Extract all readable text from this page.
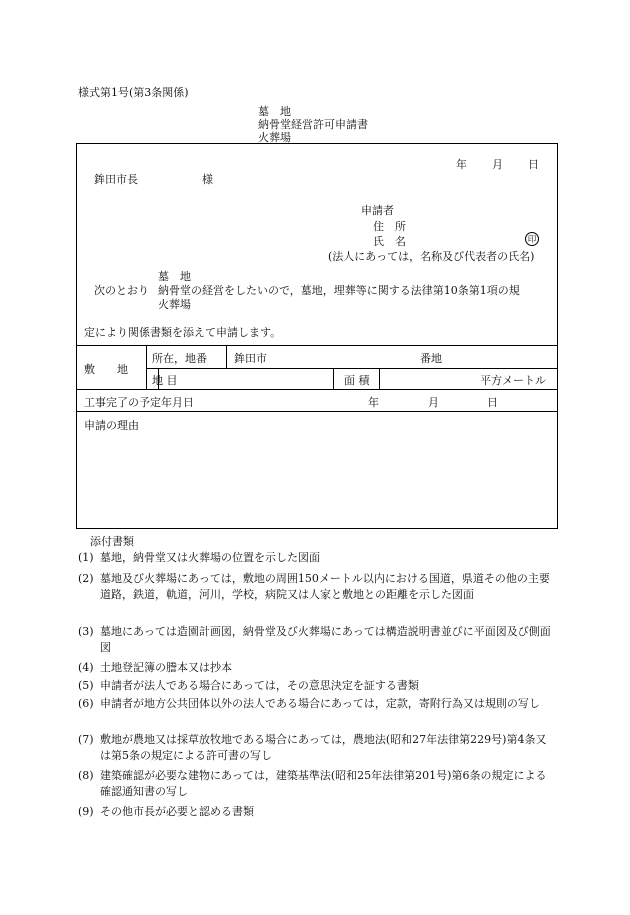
様式第1号(第3条関係)
墓　地
納骨堂経営許可申請書
火葬場
年 月 日
鉾田市長	様
申請者
住　所
氏　名	印
(法人にあっては，名称及び代表者の氏名)
墓　地
次のとおり 納骨堂の経営をしたいので，墓地，埋葬等に関する法律第10条第1項の規
火葬場
定により関係書類を添えて申請します。
敷　　地
所在，地番 鉾田市	番地
地 目	面 積	平方メートル
工事完了の予定年月日	年	月	日
申請の理由
添付書類
(1) 墓地，納骨堂又は火葬場の位置を示した図面
(2) 墓地及び火葬場にあっては，敷地の周囲150メートル以内における国道，県道その他の主要道路，鉄道，軌道，河川，学校，病院又は人家と敷地との距離を示した図面
(3) 墓地にあっては造園計画図，納骨堂及び火葬場にあっては構造説明書並びに平面図及び側面図
(4) 土地登記簿の謄本又は抄本
(5) 申請者が法人である場合にあっては，その意思決定を証する書類
(6) 申請者が地方公共団体以外の法人である場合にあっては，定款，寄附行為又は規則の写し
(7) 敷地が農地又は採草放牧地である場合にあっては，農地法(昭和27年法律第229号)第4条又は第5条の規定による許可書の写し
(8) 建築確認が必要な建物にあっては，建築基準法(昭和25年法律第201号)第6条の規定による確認通知書の写し
(9) その他市長が必要と認める書類
